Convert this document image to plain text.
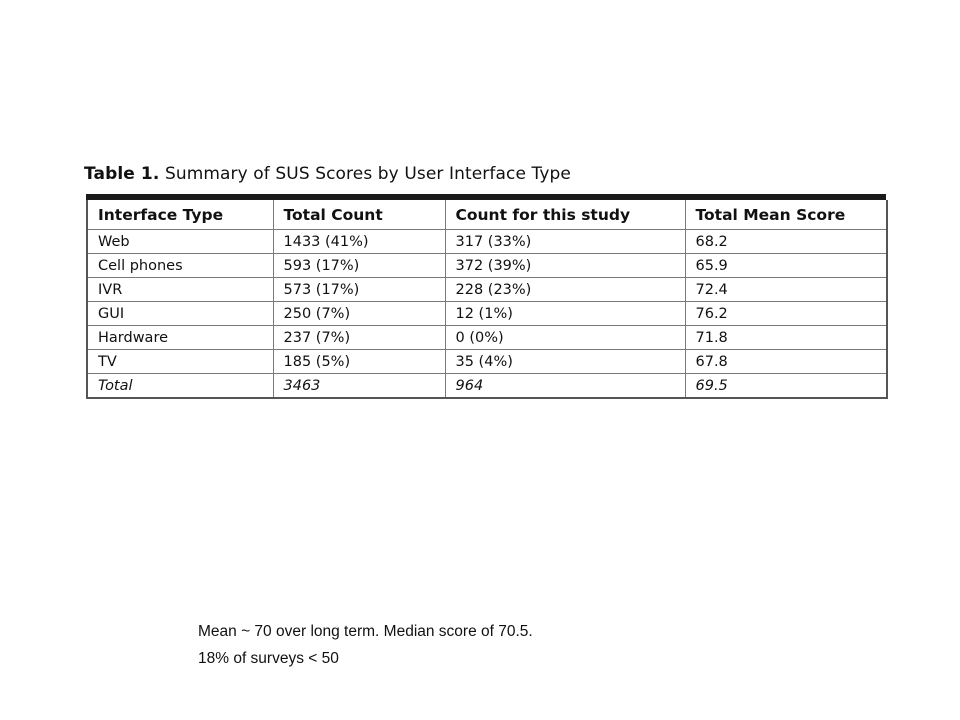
Table 1. Summary of SUS Scores by User Interface Type
Interface Type	Total Count	Count for this study	Total Mean Score
Web	1433 (41%)	317 (33%)	68.2
Cell phones	593 (17%)	372 (39%)	65.9
IVR	573 (17%)	228 (23%)	72.4
GUI	250 (7%)	12 (1%)	76.2
Hardware	237 (7%)	0 (0%)	71.8
TV	185 (5%)	35 (4%)	67.8
Total	3463	964	69.5
Mean ~ 70 over long term. Median score of 70.5.
18% of surveys < 50
